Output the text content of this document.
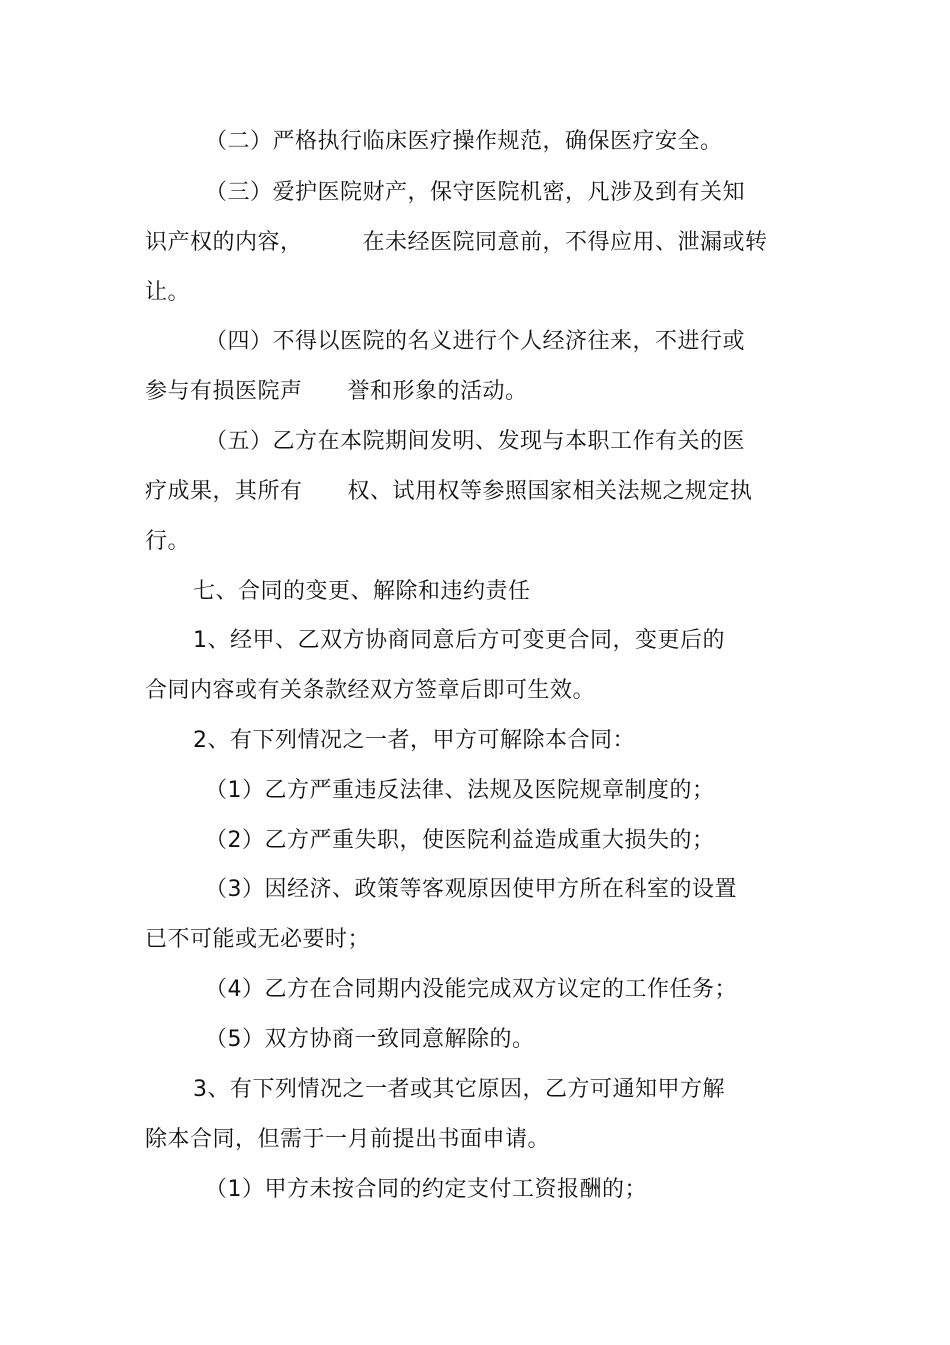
（二）严格执行临床医疗操作规范，确保医疗安全。
（三）爱护医院财产，保守医院机密，凡涉及到有关知
识产权的内容，        在未经医院同意前，不得应用、泄漏或转
让。
（四）不得以医院的名义进行个人经济往来，不进行或
参与有损医院声      誉和形象的活动。
（五）乙方在本院期间发明、发现与本职工作有关的医
疗成果，其所有      权、试用权等参照国家相关法规之规定执
行。
七、合同的变更、解除和违约责任
1、经甲、乙双方协商同意后方可变更合同，变更后的
合同内容或有关条款经双方签章后即可生效。
2、有下列情况之一者，甲方可解除本合同：
（1）乙方严重违反法律、法规及医院规章制度的；
（2）乙方严重失职，使医院利益造成重大损失的；
（3）因经济、政策等客观原因使甲方所在科室的设置
已不可能或无必要时；
（4）乙方在合同期内没能完成双方议定的工作任务；
（5）双方协商一致同意解除的。
3、有下列情况之一者或其它原因，乙方可通知甲方解
除本合同，但需于一月前提出书面申请。
（1）甲方未按合同的约定支付工资报酬的；
